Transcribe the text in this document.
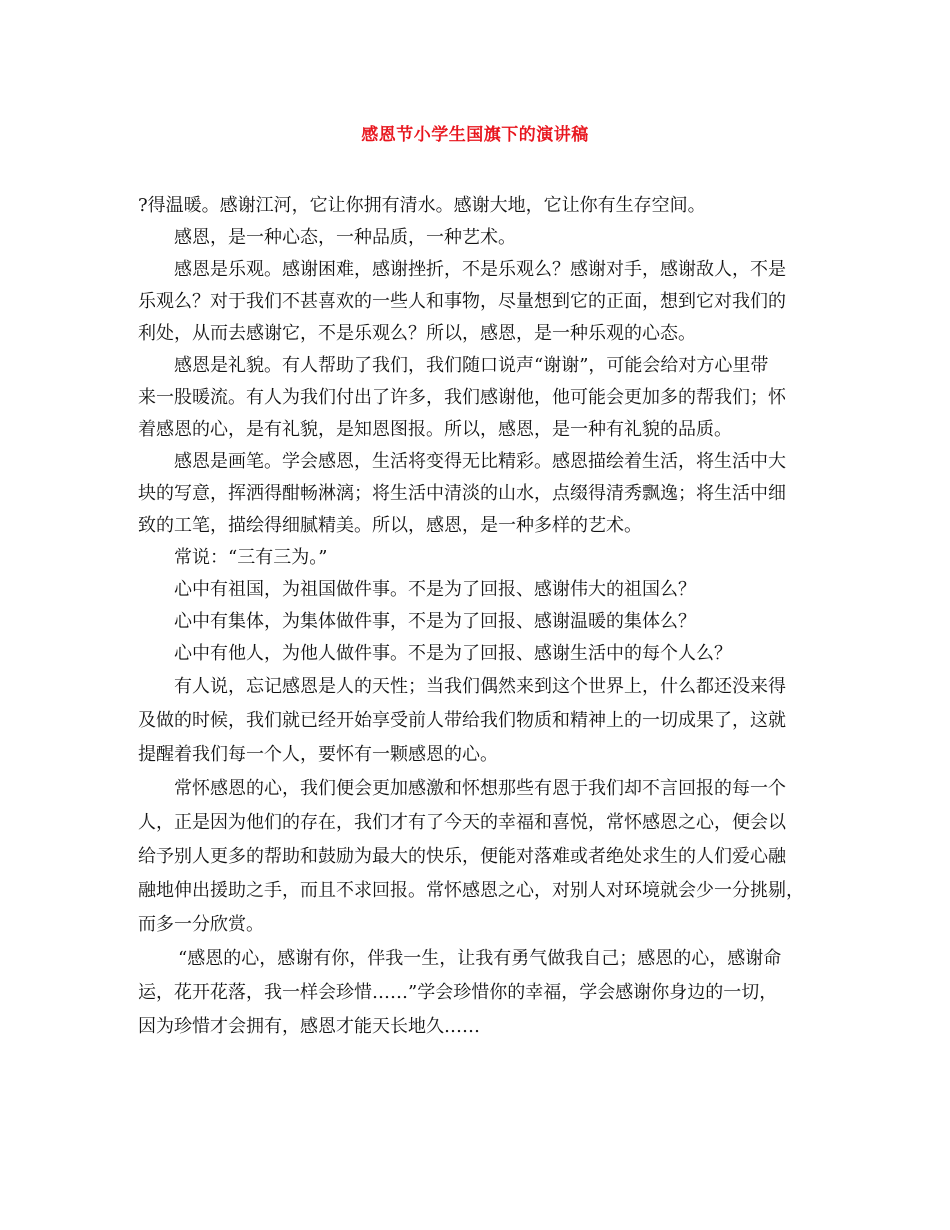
感恩节小学生国旗下的演讲稿
?得温暖。感谢江河，它让你拥有清水。感谢大地，它让你有生存空间。
感恩，是一种心态，一种品质，一种艺术。
感恩是乐观。感谢困难，感谢挫折，不是乐观么？感谢对手，感谢敌人，不是
乐观么？对于我们不甚喜欢的一些人和事物，尽量想到它的正面，想到它对我们的
利处，从而去感谢它，不是乐观么？所以，感恩，是一种乐观的心态。
感恩是礼貌。有人帮助了我们，我们随口说声“谢谢”，可能会给对方心里带
来一股暖流。有人为我们付出了许多，我们感谢他，他可能会更加多的帮我们；怀
着感恩的心，是有礼貌，是知恩图报。所以，感恩，是一种有礼貌的品质。
感恩是画笔。学会感恩，生活将变得无比精彩。感恩描绘着生活，将生活中大
块的写意，挥洒得酣畅淋漓；将生活中清淡的山水，点缀得清秀飘逸；将生活中细
致的工笔，描绘得细腻精美。所以，感恩，是一种多样的艺术。
常说：“三有三为。”
心中有祖国，为祖国做件事。不是为了回报、感谢伟大的祖国么？
心中有集体，为集体做件事，不是为了回报、感谢温暖的集体么？
心中有他人，为他人做件事。不是为了回报、感谢生活中的每个人么？
有人说，忘记感恩是人的天性；当我们偶然来到这个世界上，什么都还没来得
及做的时候，我们就已经开始享受前人带给我们物质和精神上的一切成果了，这就
提醒着我们每一个人，要怀有一颗感恩的心。
常怀感恩的心，我们便会更加感激和怀想那些有恩于我们却不言回报的每一个
人，正是因为他们的存在，我们才有了今天的幸福和喜悦，常怀感恩之心，便会以
给予别人更多的帮助和鼓励为最大的快乐，便能对落难或者绝处求生的人们爱心融
融地伸出援助之手，而且不求回报。常怀感恩之心，对别人对环境就会少一分挑剔，
而多一分欣赏。
“感恩的心，感谢有你，伴我一生，让我有勇气做我自己；感恩的心，感谢命
运，花开花落，我一样会珍惜……”学会珍惜你的幸福，学会感谢你身边的一切，
因为珍惜才会拥有，感恩才能天长地久……
